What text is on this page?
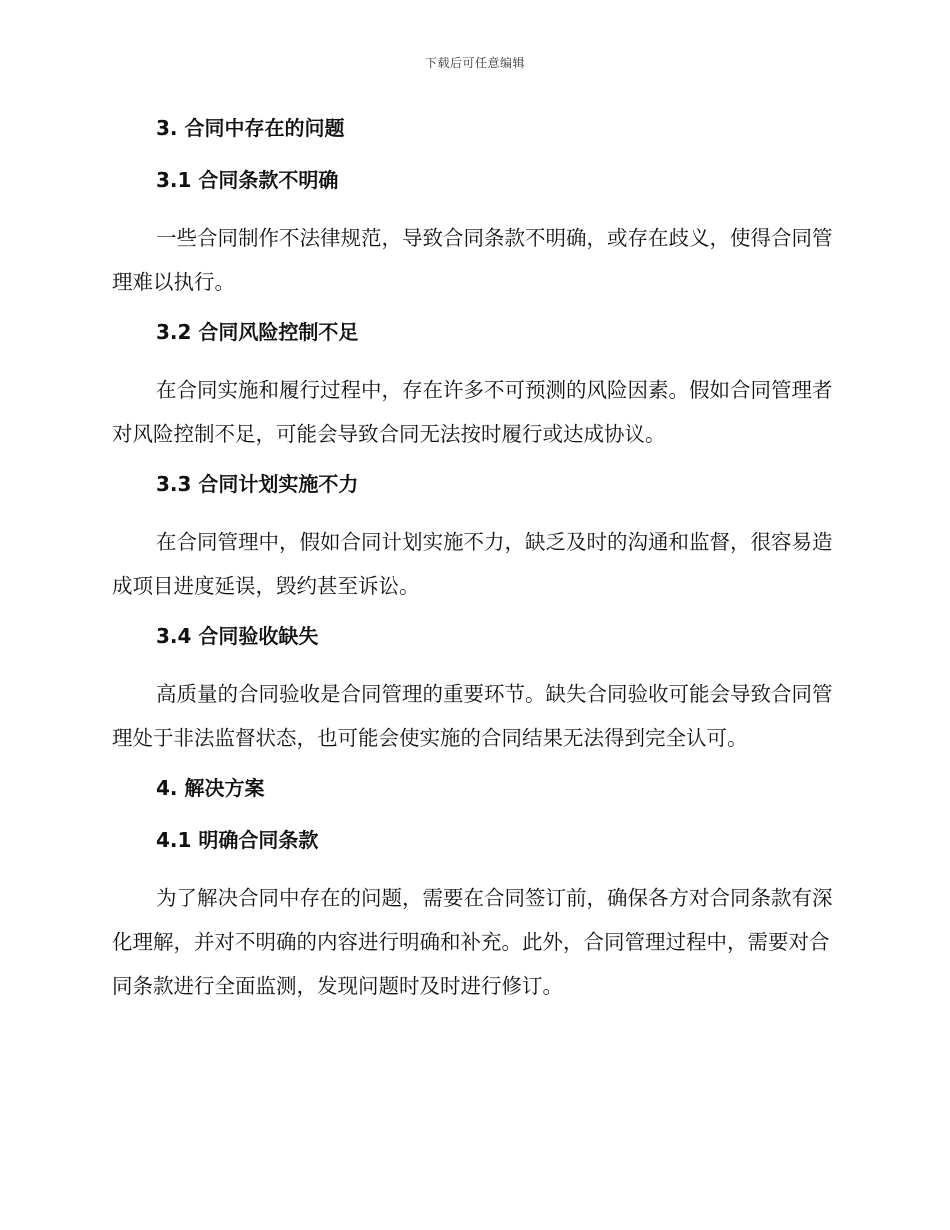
下载后可任意编辑
3. 合同中存在的问题
3.1 合同条款不明确

一些合同制作不法律规范，导致合同条款不明确，或存在歧义，使得合同管理难以执行。

3.2 合同风险控制不足

在合同实施和履行过程中，存在许多不可预测的风险因素。假如合同管理者对风险控制不足，可能会导致合同无法按时履行或达成协议。

3.3 合同计划实施不力

在合同管理中，假如合同计划实施不力，缺乏及时的沟通和监督，很容易造成项目进度延误，毁约甚至诉讼。

3.4 合同验收缺失

高质量的合同验收是合同管理的重要环节。缺失合同验收可能会导致合同管理处于非法监督状态，也可能会使实施的合同结果无法得到完全认可。

4. 解决方案
4.1 明确合同条款

为了解决合同中存在的问题，需要在合同签订前，确保各方对合同条款有深化理解，并对不明确的内容进行明确和补充。此外，合同管理过程中，需要对合同条款进行全面监测，发现问题时及时进行修订。
